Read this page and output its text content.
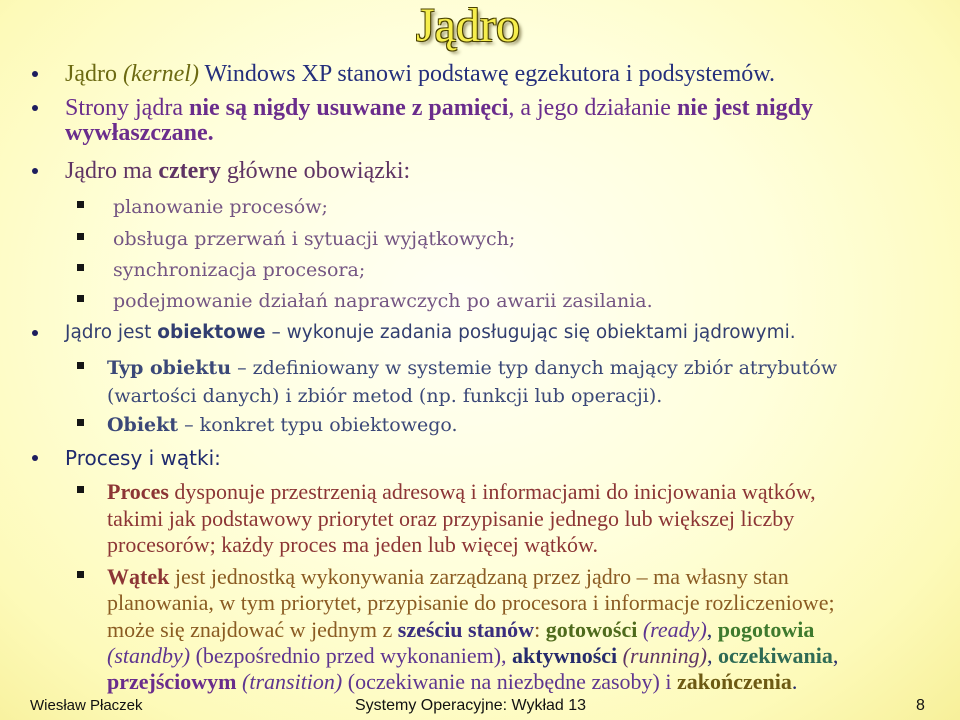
Jądro
Jądro (kernel) Windows XP stanowi podstawę egzekutora i podsystemów.
Strony jądra nie są nigdy usuwane z pamięci, a jego działanie nie jest nigdy
wywłaszczane.
Jądro ma cztery główne obowiązki:
planowanie procesów;
obsługa przerwań i sytuacji wyjątkowych;
synchronizacja procesora;
podejmowanie działań naprawczych po awarii zasilania.
Jądro jest obiektowe – wykonuje zadania posługując się obiektami jądrowymi.
Typ obiektu – zdefiniowany w systemie typ danych mający zbiór atrybutów
(wartości danych) i zbiór metod (np. funkcji lub operacji).
Obiekt – konkret typu obiektowego.
Procesy i wątki:
Proces dysponuje przestrzenią adresową i informacjami do inicjowania wątków,
takimi jak podstawowy priorytet oraz przypisanie jednego lub większej liczby
procesorów; każdy proces ma jeden lub więcej wątków.
Wątek jest jednostką wykonywania zarządzaną przez jądro – ma własny stan
planowania, w tym priorytet, przypisanie do procesora i informacje rozliczeniowe;
może się znajdować w jednym z sześciu stanów: gotowości (ready), pogotowia
(standby) (bezpośrednio przed wykonaniem), aktywności (running), oczekiwania,
przejściowym (transition) (oczekiwanie na niezbędne zasoby) i zakończenia.
Wiesław Płaczek	Systemy Operacyjne: Wykład 13	8
